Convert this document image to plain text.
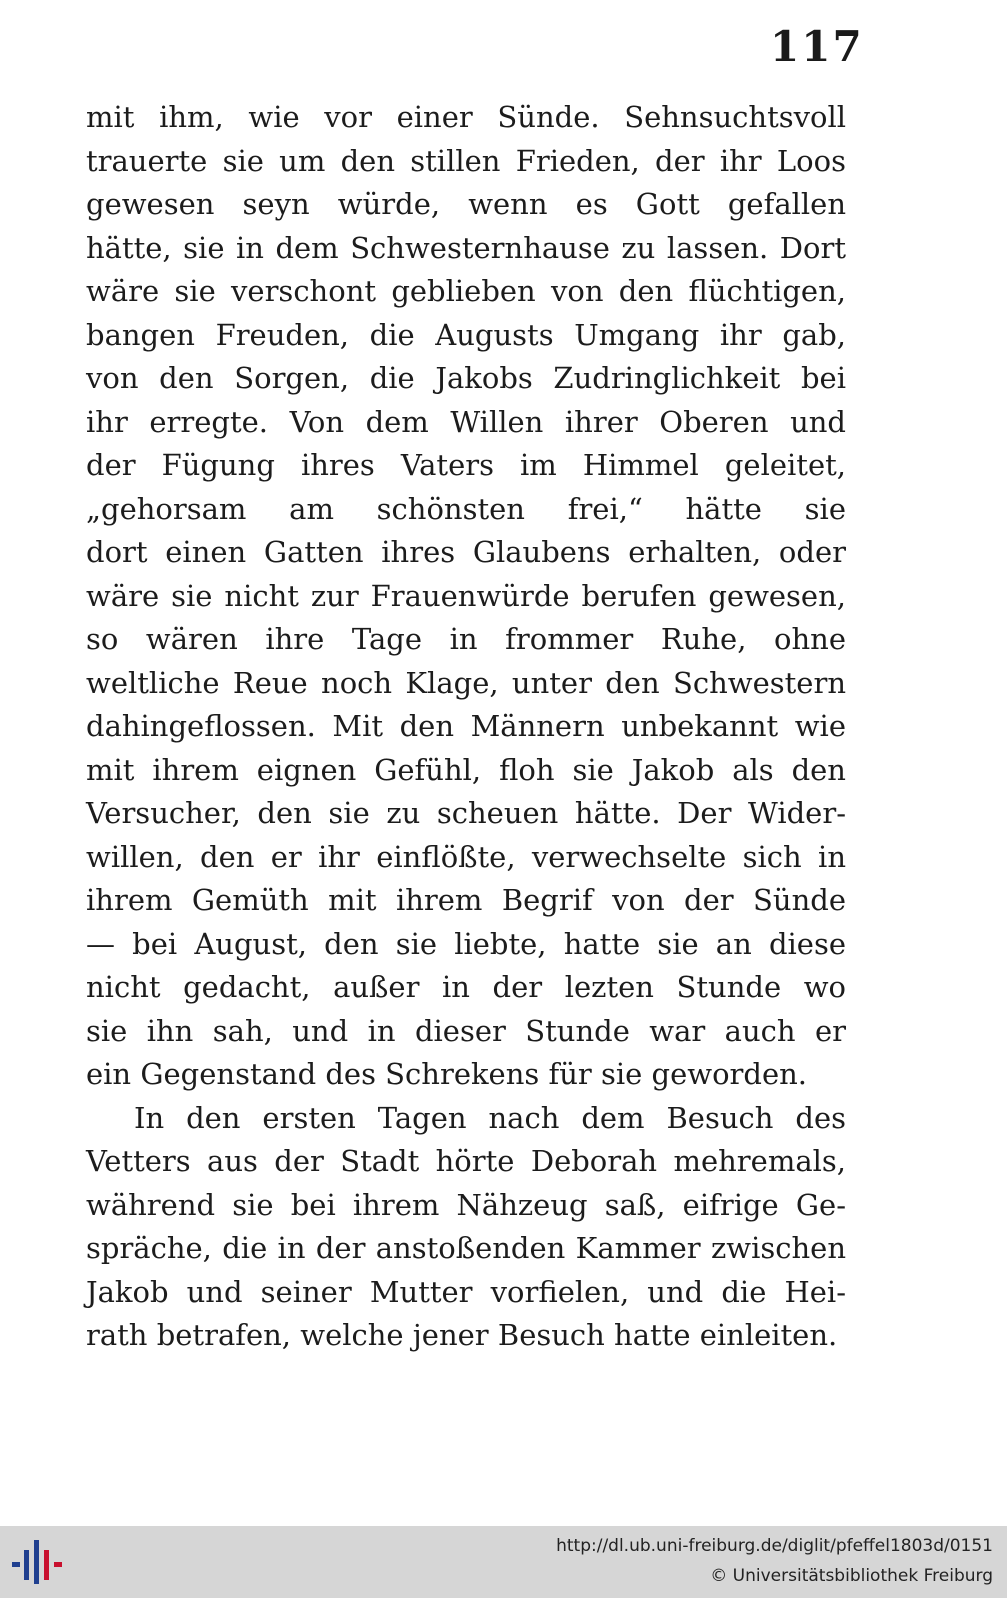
117
mit ihm, wie vor einer Sünde. Sehnsuchtsvoll
trauerte sie um den stillen Frieden, der ihr Loos
gewesen seyn würde, wenn es Gott gefallen
hätte, sie in dem Schwesternhause zu lassen. Dort
wäre sie verschont geblieben von den flüchtigen,
bangen Freuden, die Augusts Umgang ihr gab,
von den Sorgen, die Jakobs Zudringlichkeit bei
ihr erregte. Von dem Willen ihrer Oberen und
der Fügung ihres Vaters im Himmel geleitet,
„gehorsam am schönsten frei,“ hätte sie
dort einen Gatten ihres Glaubens erhalten, oder
wäre sie nicht zur Frauenwürde berufen gewesen,
so wären ihre Tage in frommer Ruhe, ohne
weltliche Reue noch Klage, unter den Schwestern
dahingeflossen. Mit den Männern unbekannt wie
mit ihrem eignen Gefühl, floh sie Jakob als den
Versucher, den sie zu scheuen hätte. Der Wider-
willen, den er ihr einflößte, verwechselte sich in
ihrem Gemüth mit ihrem Begrif von der Sünde
— bei August, den sie liebte, hatte sie an diese
nicht gedacht, außer in der lezten Stunde wo
sie ihn sah, und in dieser Stunde war auch er
ein Gegenstand des Schrekens für sie geworden.
In den ersten Tagen nach dem Besuch des
Vetters aus der Stadt hörte Deborah mehremals,
während sie bei ihrem Nähzeug saß, eifrige Ge-
spräche, die in der anstoßenden Kammer zwischen
Jakob und seiner Mutter vorfielen, und die Hei-
rath betrafen, welche jener Besuch hatte einleiten.
http://dl.ub.uni-freiburg.de/diglit/pfeffel1803d/0151
© Universitätsbibliothek Freiburg
